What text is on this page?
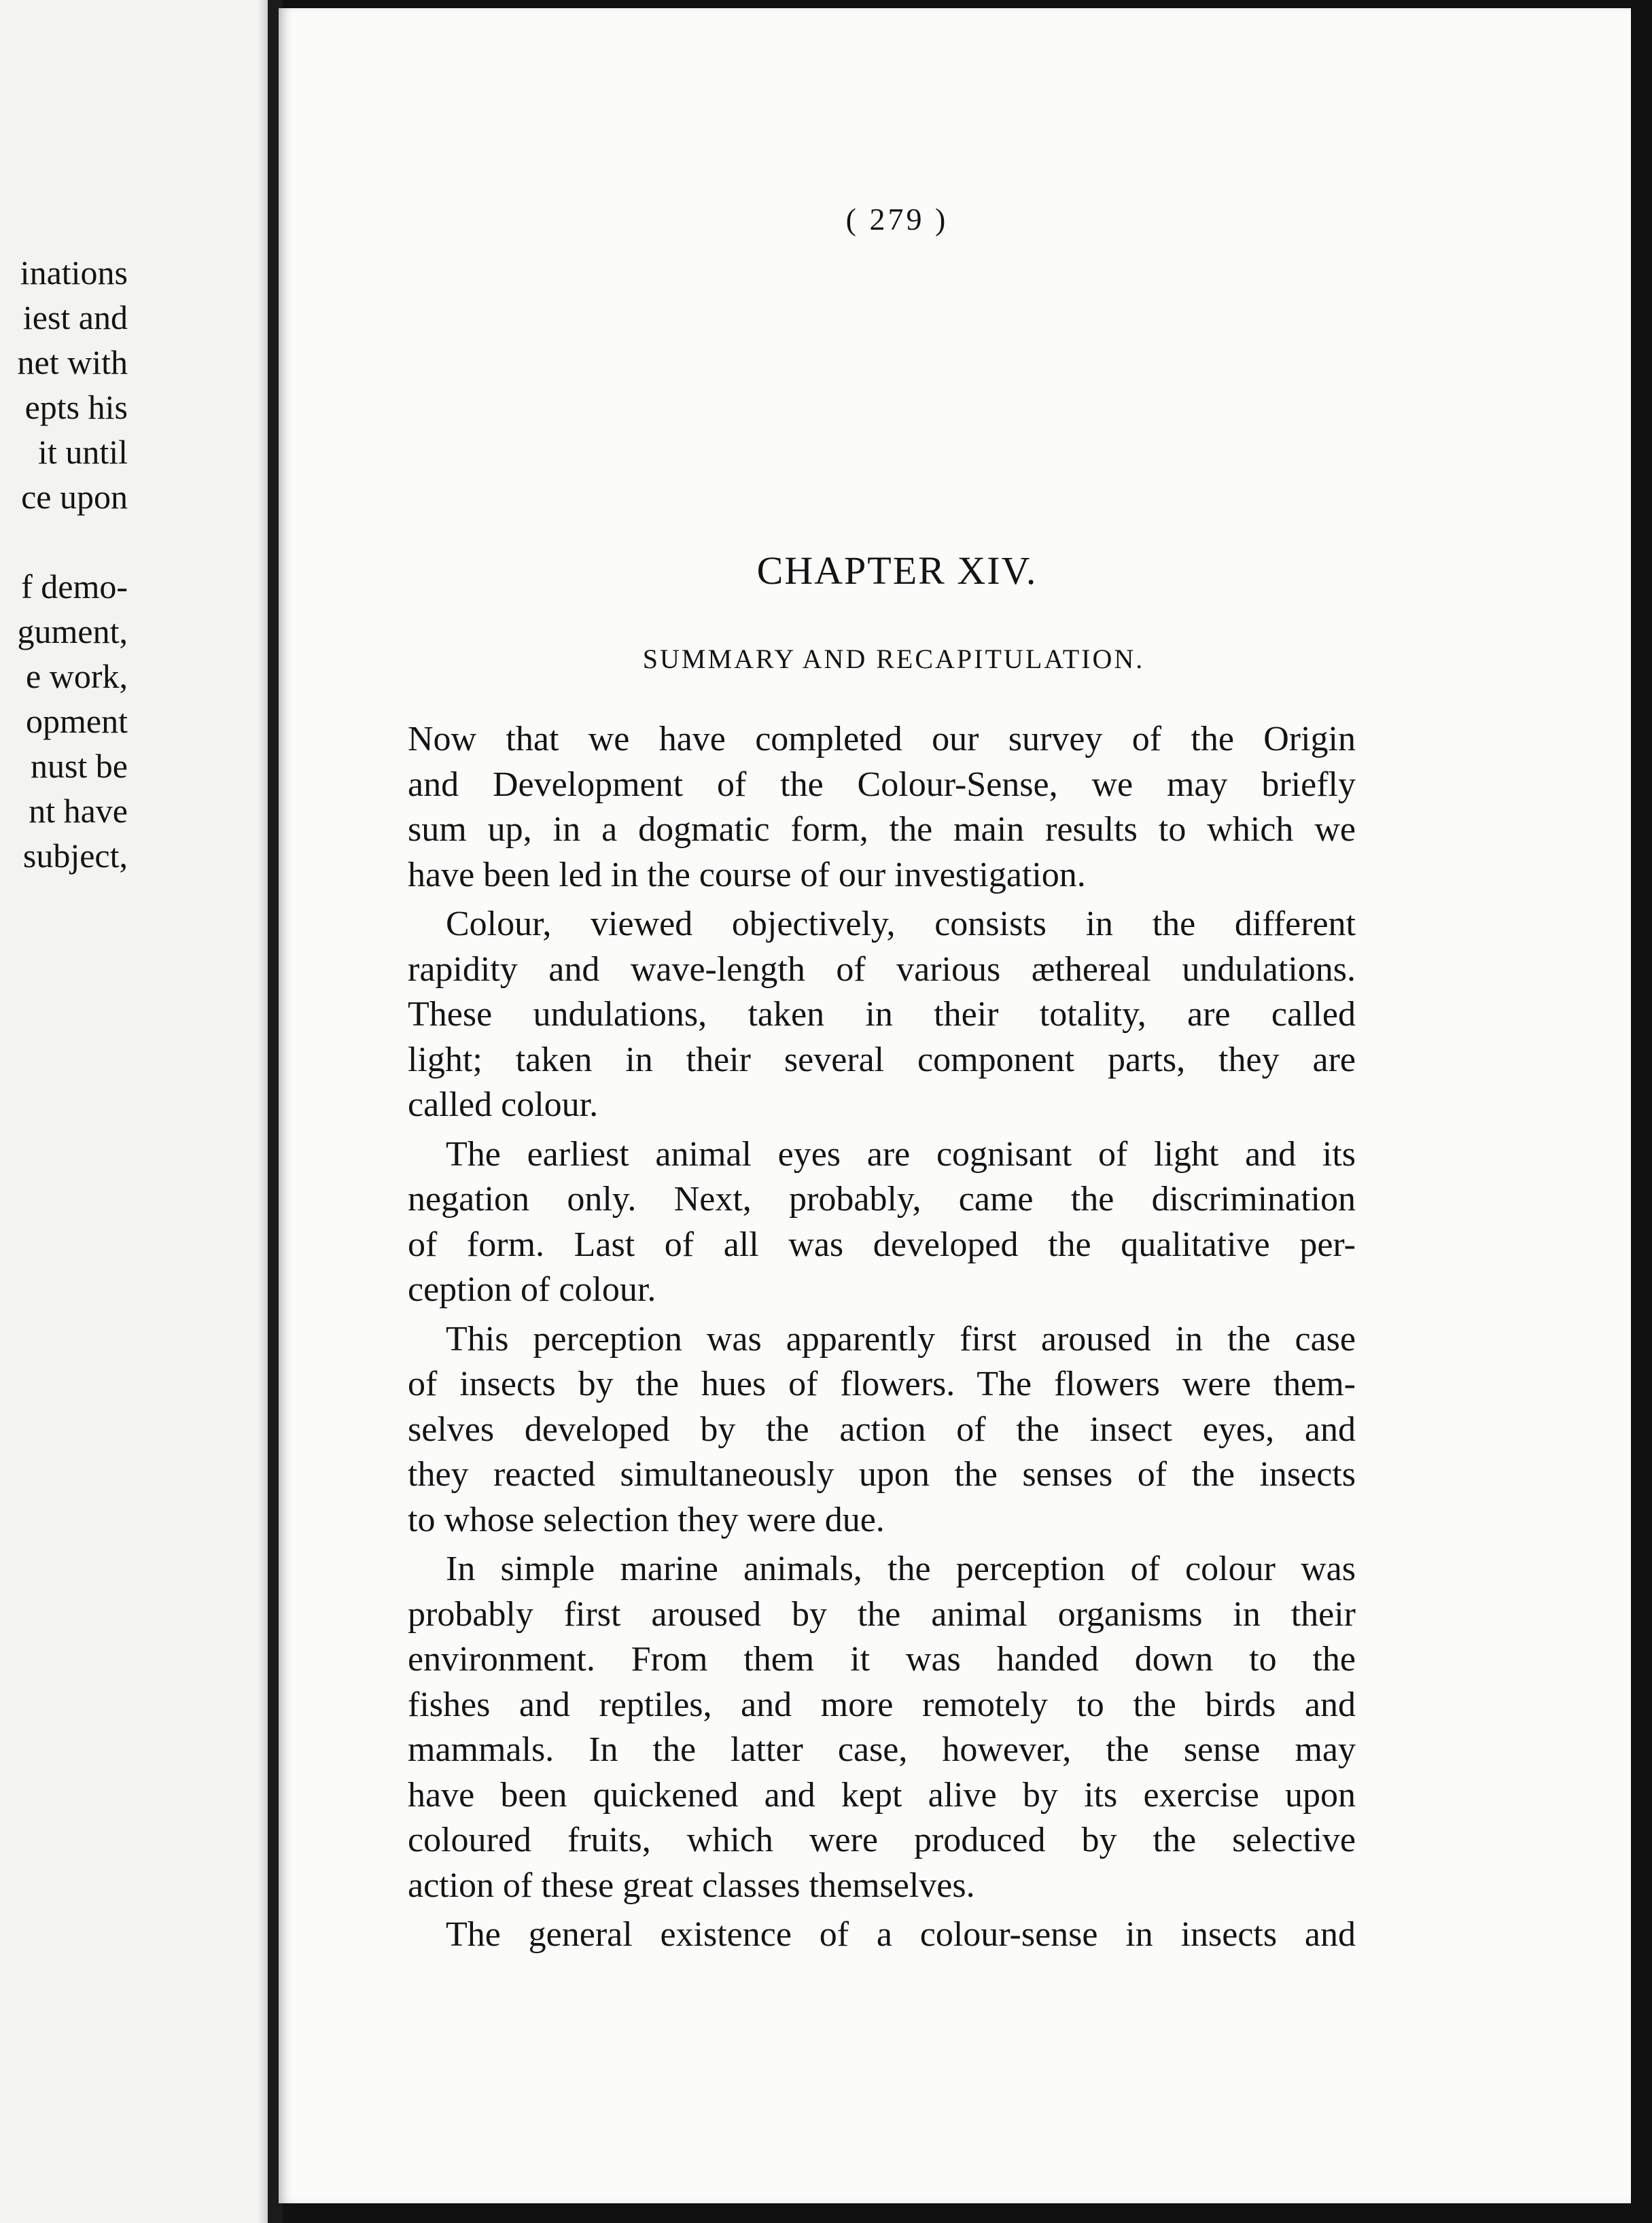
inations
iest and
net with
epts his
it until
ce upon
f demo-
gument,
e work,
opment
nust be
nt have
subject,
( 279 )
CHAPTER XIV.
SUMMARY AND RECAPITULATION.
Now that we have completed our survey of the Origin
and Development of the Colour-Sense, we may briefly
sum up, in a dogmatic form, the main results to which we
have been led in the course of our investigation.
Colour, viewed objectively, consists in the different
rapidity and wave-length of various æthereal undulations.
These undulations, taken in their totality, are called
light; taken in their several component parts, they are
called colour.
The earliest animal eyes are cognisant of light and its
negation only. Next, probably, came the discrimination
of form. Last of all was developed the qualitative per-
ception of colour.
This perception was apparently first aroused in the case
of insects by the hues of flowers. The flowers were them-
selves developed by the action of the insect eyes, and
they reacted simultaneously upon the senses of the insects
to whose selection they were due.
In simple marine animals, the perception of colour was
probably first aroused by the animal organisms in their
environment. From them it was handed down to the
fishes and reptiles, and more remotely to the birds and
mammals. In the latter case, however, the sense may
have been quickened and kept alive by its exercise upon
coloured fruits, which were produced by the selective
action of these great classes themselves.
The general existence of a colour-sense in insects and
